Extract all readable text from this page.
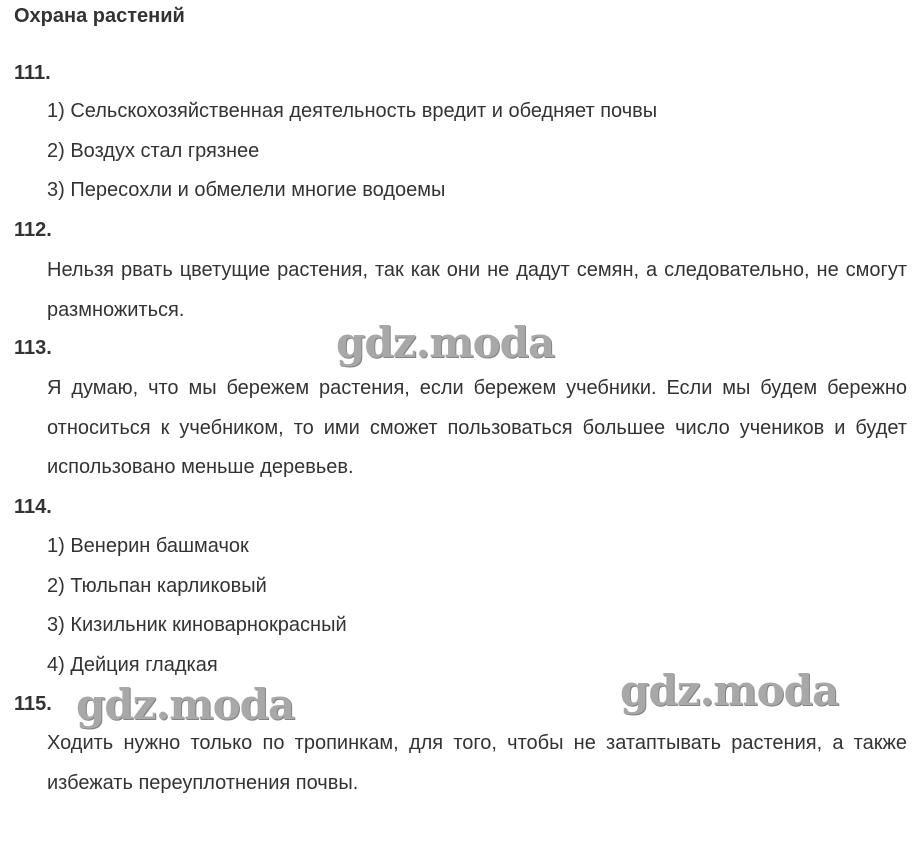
Охрана растений
111.
1) Сельскохозяйственная деятельность вредит и обедняет почвы
2) Воздух стал грязнее
3) Пересохли и обмелели многие водоемы
112.
Нельзя рвать цветущие растения, так как они не дадут семян, а следовательно, не смогут размножиться.
113.
Я думаю, что мы бережем растения, если бережем учебники. Если мы будем бережно относиться к учебником, то ими сможет пользоваться большее число учеников и будет использовано меньше деревьев.
114.
1) Венерин башмачок
2) Тюльпан карликовый
3) Кизильник киноварнокрасный
4) Дейция гладкая
115.
Ходить нужно только по тропинкам, для того, чтобы не затаптывать растения, а также избежать переуплотнения почвы.
gdz.moda
gdz.moda	gdz.moda
